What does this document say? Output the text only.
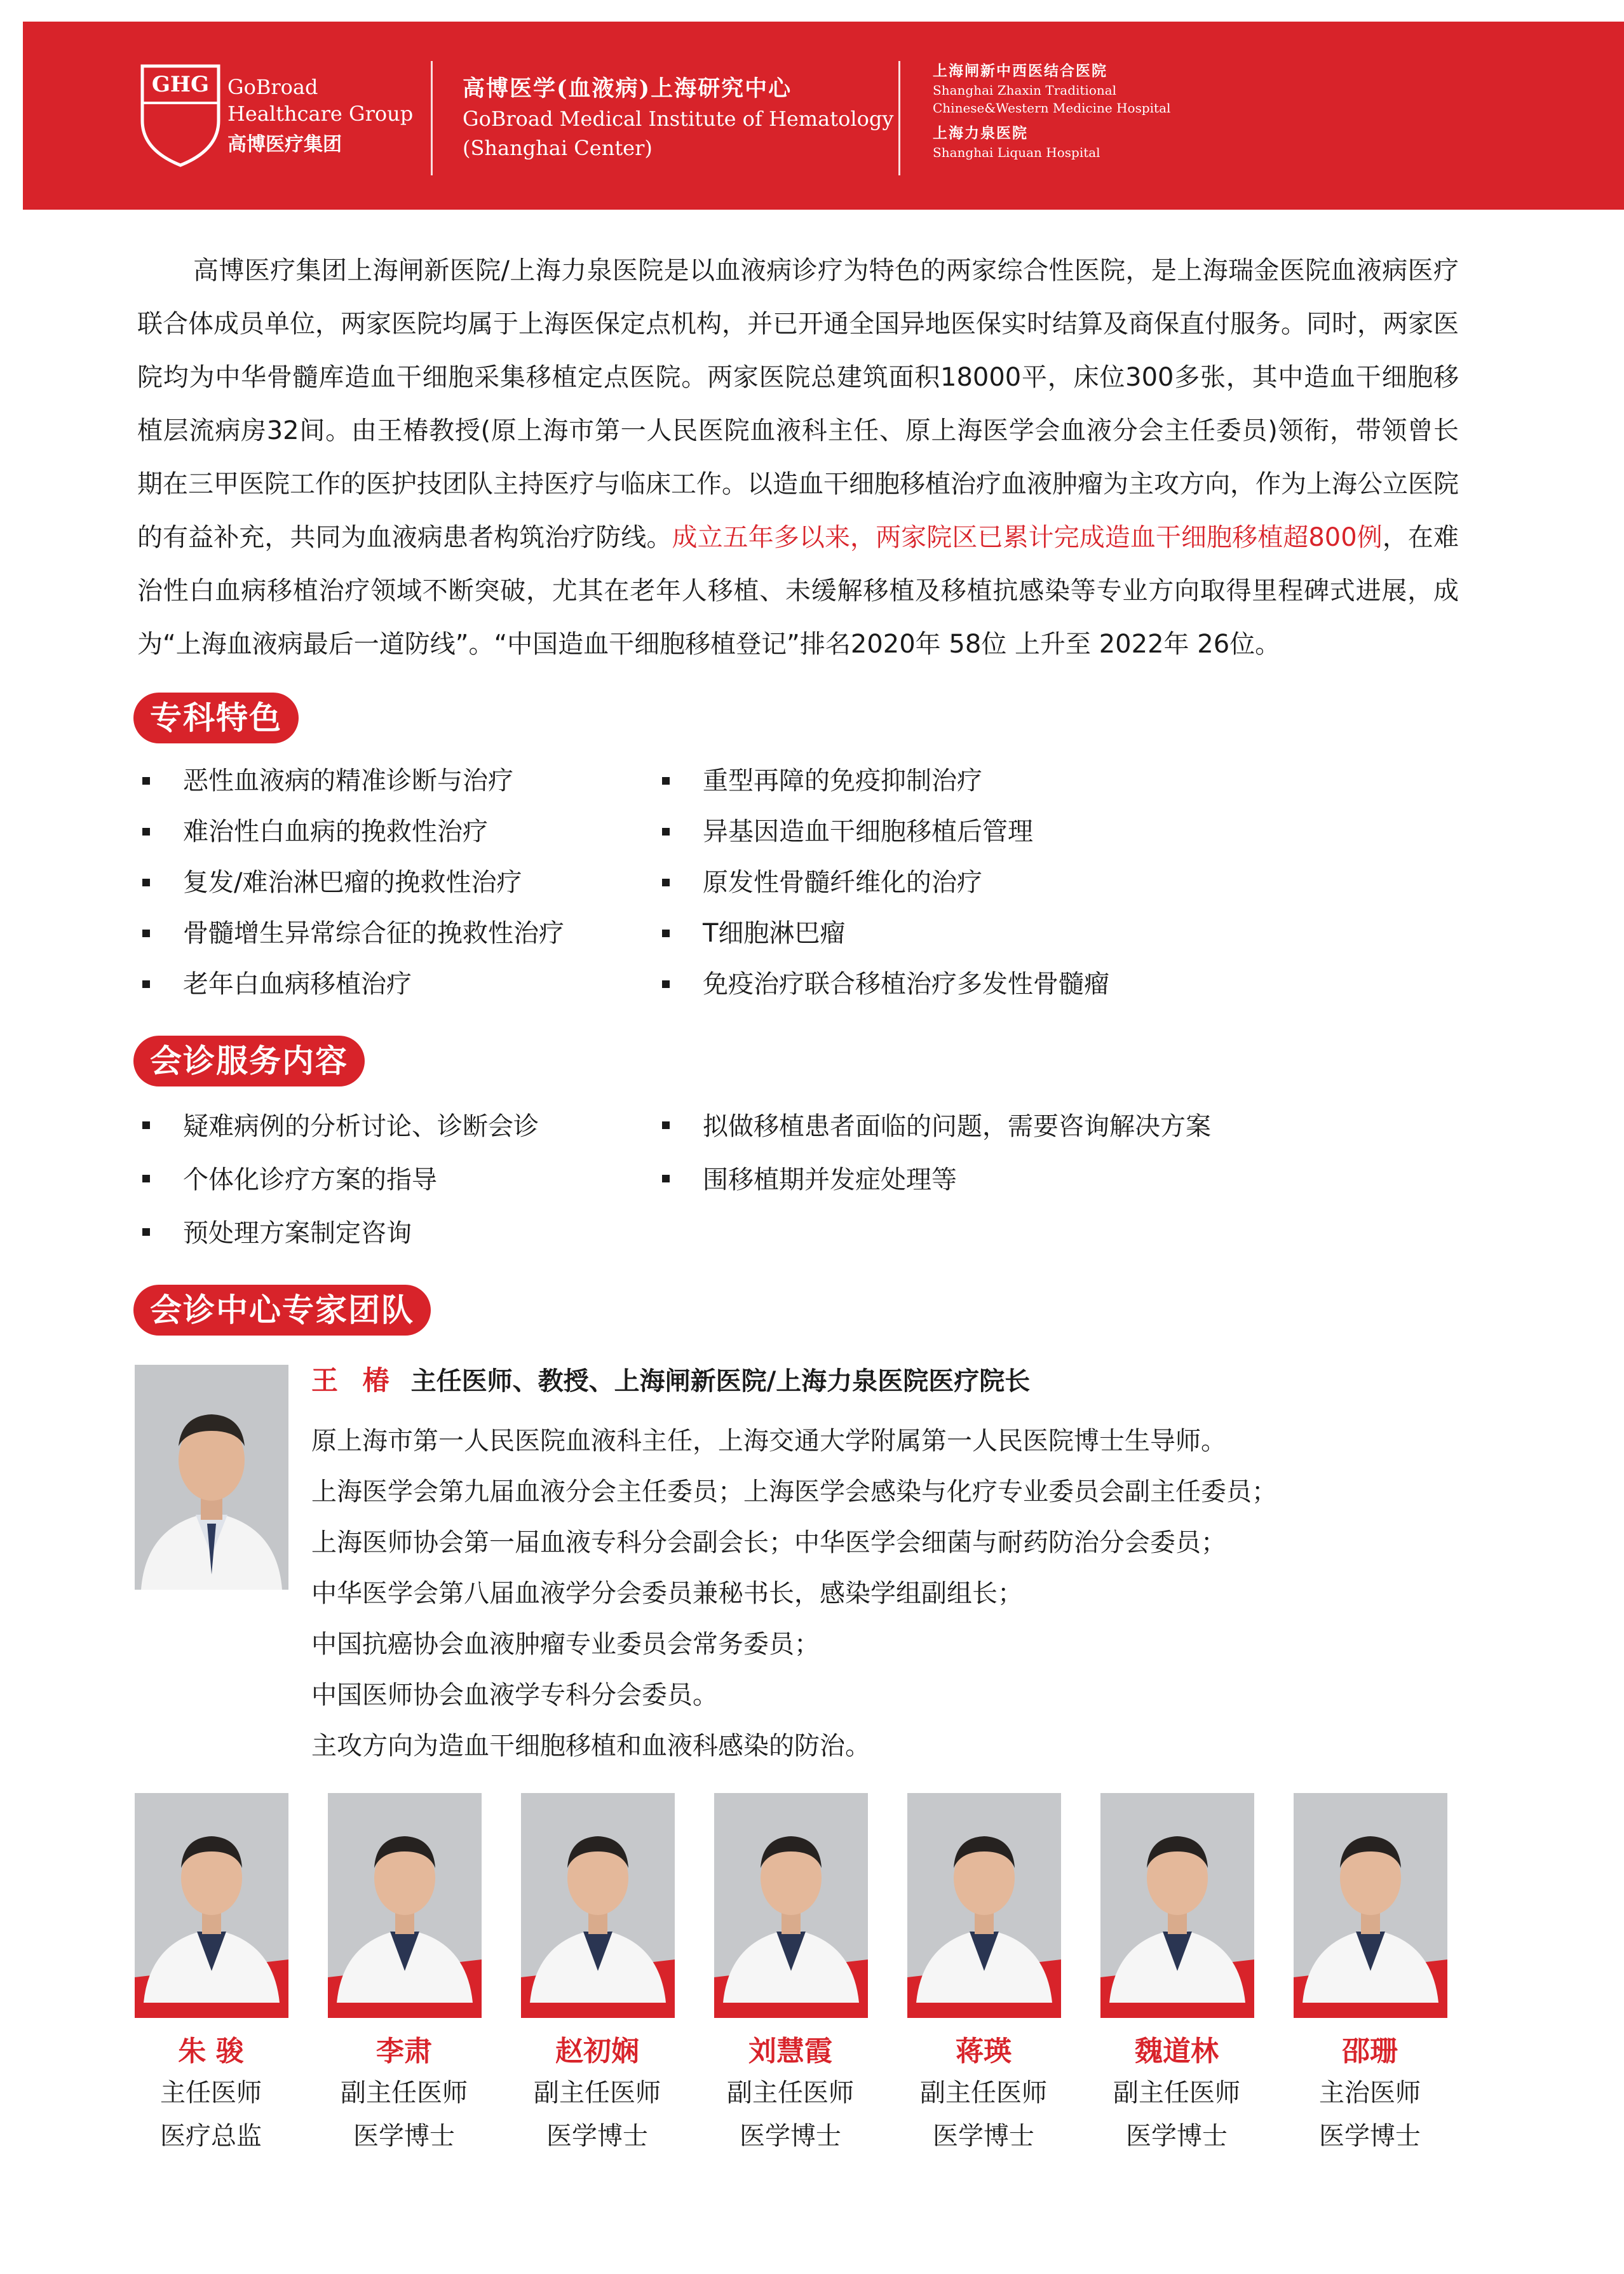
GHG GoBroad
Healthcare Group
高博医疗集团
高博医学(血液病)上海研究中心
GoBroad Medical Institute of Hematology
(Shanghai Center)
上海闸新中西医结合医院
Shanghai Zhaxin Traditional
Chinese&Western Medicine Hospital
上海力泉医院
Shanghai Liquan Hospital
高博医疗集团上海闸新医院/上海力泉医院是以血液病诊疗为特色的两家综合性医院，是上海瑞金医院血液病医疗联合体成员单位，两家医院均属于上海医保定点机构，并已开通全国异地医保实时结算及商保直付服务。同时，两家医院均为中华骨髓库造血干细胞采集移植定点医院。两家医院总建筑面积18000平，床位300多张，其中造血干细胞移植层流病房32间。由王椿教授(原上海市第一人民医院血液科主任、原上海医学会血液分会主任委员)领衔，带领曾长期在三甲医院工作的医护技团队主持医疗与临床工作。以造血干细胞移植治疗血液肿瘤为主攻方向，作为上海公立医院的有益补充，共同为血液病患者构筑治疗防线。成立五年多以来，两家院区已累计完成造血干细胞移植超800例，在难治性白血病移植治疗领域不断突破，尤其在老年人移植、未缓解移植及移植抗感染等专业方向取得里程碑式进展，成为“上海血液病最后一道防线”。“中国造血干细胞移植登记”排名2020年 58位 上升至 2022年 26位。
专科特色
恶性血液病的精准诊断与治疗
难治性白血病的挽救性治疗
复发/难治淋巴瘤的挽救性治疗
骨髓增生异常综合征的挽救性治疗
老年白血病移植治疗
重型再障的免疫抑制治疗
异基因造血干细胞移植后管理
原发性骨髓纤维化的治疗
T细胞淋巴瘤
免疫治疗联合移植治疗多发性骨髓瘤
会诊服务内容
疑难病例的分析讨论、诊断会诊
个体化诊疗方案的指导
预处理方案制定咨询
拟做移植患者面临的问题，需要咨询解决方案
围移植期并发症处理等
会诊中心专家团队
王 椿 主任医师、教授、上海闸新医院/上海力泉医院医疗院长
原上海市第一人民医院血液科主任，上海交通大学附属第一人民医院博士生导师。
上海医学会第九届血液分会主任委员；上海医学会感染与化疗专业委员会副主任委员；
上海医师协会第一届血液专科分会副会长；中华医学会细菌与耐药防治分会委员；
中华医学会第八届血液学分会委员兼秘书长，感染学组副组长；
中国抗癌协会血液肿瘤专业委员会常务委员；
中国医师协会血液学专科分会委员。
主攻方向为造血干细胞移植和血液科感染的防治。
朱 骏
主任医师
医疗总监
李肃
副主任医师
医学博士
赵初娴
副主任医师
医学博士
刘慧霞
副主任医师
医学博士
蒋瑛
副主任医师
医学博士
魏道林
副主任医师
医学博士
邵珊
主治医师
医学博士
